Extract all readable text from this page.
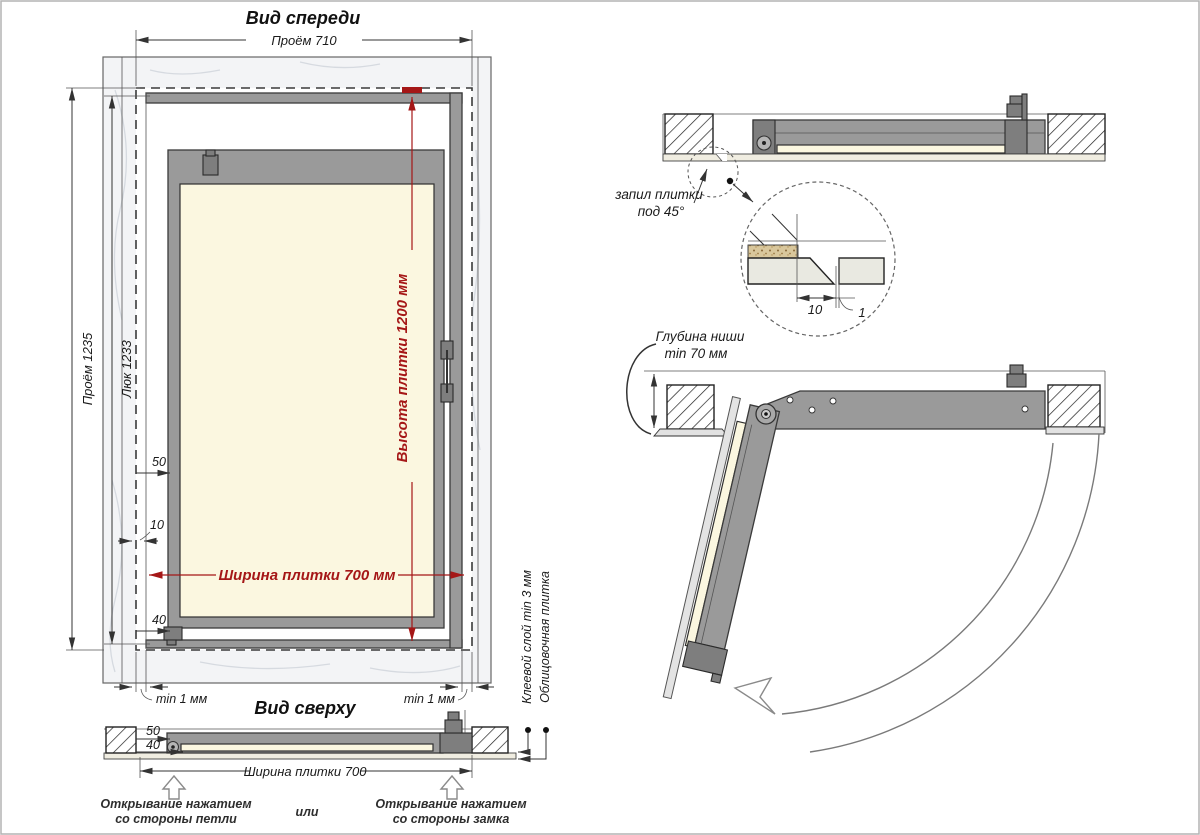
Вид спереди
Проём 710
Проём 1235 Люк 1233	Высота плитки 1200 мм
Ширина плитки 700 мм
50
10
40
min 1 мм	min 1 мм
Вид сверху
50
40
Ширина плитки 700
Открывание нажатием
со стороны петли	или
Открывание нажатием
со стороны замка
Клеевой слой min 3 мм Облицовочная плитка
запил плитки
под 45°
10	1
Глубина ниши
min 70 мм
